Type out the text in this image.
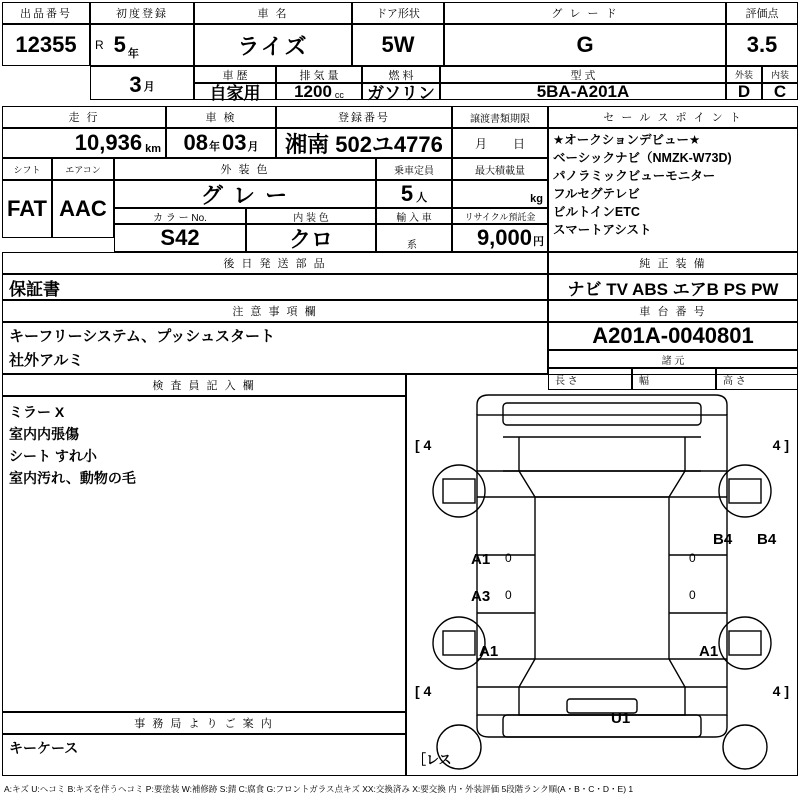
出品番号
12355
初度登録
R 5 年
車 名
ライズ
ドア形状
5W
グ レ ー ド
G
評価点
3.5
3 月
車 歴
自家用
排 気 量
1200 cc
燃 料
ガソリン
型 式
5BA-A201A
外装 内装
D C
走 行
10,936 km
車 検
08 年 03 月
登録番号
湘南 502ユ4776
譲渡書類期限
月 日
シフト	エアコン
FAT AAC
外 装 色
グ レ ー
カ ラ ー No.
S42
内 装 色
クロ
乗車定員
5 人
輸 入 車
系
最大積載量
kg
リサイクル預託金
9,000 円
セ ー ル ス ポ イ ン ト
★オークションデビュー★
ベーシックナビ（NMZK-W73D)
パノラミックビューモニター
フルセグテレビ
ビルトインETC
スマートアシスト
後 日 発 送 部 品
保証書
純 正 装 備
ナビ TV ABS エアB PS PW
注 意 事 項 欄
キーフリーシステム、プッシュスタート
社外アルミ
車 台 番 号
A201A-0040801
諸 元
長 さ	幅	高 さ
検 査 員 記 入 欄
ミラー X
室内内張傷
シート すれ小
室内汚れ、動物の毛
事 務 局 よ り ご 案 内
キーケース
[ 4	4 ]
[ 4	4 ]
A1
A3
A1
B4 B4
A1
U1
［レス
0
0
0
0
A:キズ U:ヘコミ B:キズを伴うヘコミ P:要塗装 W:補修跡 S:錆 C:腐食 G:フロントガラス点キズ XX:交換済み X:要交換 内・外装評価 5段階ランク順(A・B・C・D・E) 1
